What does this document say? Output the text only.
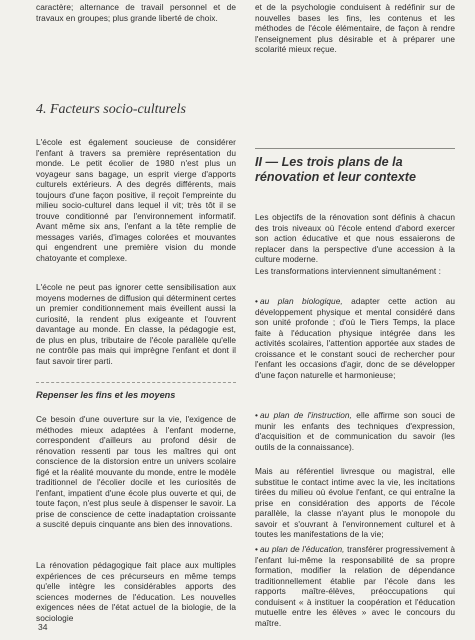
caractère; alternance de travail personnel et de travaux en groupes; plus grande liberté de choix.

4. Facteurs socio-culturels

L'école est également soucieuse de considérer l'enfant à travers sa première représentation du monde. Le petit écolier de 1980 n'est plus un voyageur sans bagage, un esprit vierge d'apports culturels extérieurs. A des degrés différents, mais toujours d'une façon positive, il reçoit l'empreinte du milieu socio-culturel dans lequel il vit; très tôt il se trouve conditionné par l'environnement informatif. Avant même six ans, l'enfant a la tête remplie de messages variés, d'images colorées et mouvantes qui engendrent une première vision du monde chatoyante et complexe.

L'école ne peut pas ignorer cette sensibilisation aux moyens modernes de diffusion qui déterminent certes un premier conditionnement mais éveillent aussi la curiosité, la rendent plus exigeante et l'ouvrent davantage au monde. En classe, la pédagogie est, de plus en plus, tributaire de l'école parallèle qu'elle ne contrôle pas mais qui imprègne l'enfant et dont il faut savoir tirer parti.

Repenser les fins et les moyens

Ce besoin d'une ouverture sur la vie, l'exigence de méthodes mieux adaptées à l'enfant moderne, correspondent d'ailleurs au profond désir de rénovation ressenti par tous les maîtres qui ont conscience de la distorsion entre un univers scolaire figé et la réalité mouvante du monde, entre le modèle traditionnel de l'écolier docile et les curiosités de l'enfant, impatient d'une école plus ouverte et qui, de toute façon, n'est plus seule à dispenser le savoir. La prise de conscience de cette inadaptation croissante a suscité depuis cinquante ans bien des innovations.

La rénovation pédagogique fait place aux multiples expériences de ces précurseurs en même temps qu'elle intègre les considérables apports des sciences modernes de l'éducation. Les nouvelles exigences nées de l'état actuel de la biologie, de la sociologie

et de la psychologie conduisent à redéfinir sur de nouvelles bases les fins, les contenus et les méthodes de l'école élémentaire, de façon à rendre l'enseignement plus désirable et à préparer une scolarité mieux reçue.

II — Les trois plans de la rénovation et leur contexte

Les objectifs de la rénovation sont définis à chacun des trois niveaux où l'école entend d'abord exercer son action éducative et que nous essaierons de replacer dans la perspective d'une accession à la culture moderne.

Les transformations interviennent simultanément :

• au plan biologique, adapter cette action au développement physique et mental considéré dans son unité profonde ; d'où le Tiers Temps, la place faite à l'éducation physique intégrée dans les activités scolaires, l'attention apportée aux stades de croissance et le constant souci de rechercher pour l'enfant les occasions d'agir, donc de se développer d'une façon naturelle et harmonieuse;

• au plan de l'instruction, elle affirme son souci de munir les enfants des techniques d'expression, d'acquisition et de communication du savoir (les outils de la connaissance).

Mais au référentiel livresque ou magistral, elle substitue le contact intime avec la vie, les incitations tirées du milieu où évolue l'enfant, ce qui entraîne la prise en considération des apports de l'école parallèle, la classe n'ayant plus le monopole du savoir et s'ouvrant à l'environnement culturel et à toutes les manifestations de la vie;

• au plan de l'éducation, transférer progressivement à l'enfant lui-même la responsabilité de sa propre formation, modifier la relation de dépendance traditionnellement établie par l'école dans les rapports maître-élèves, préoccupations qui conduisent « à instituer la coopération et l'éducation mutuelle entre les élèves » avec le concours du maître.

34
